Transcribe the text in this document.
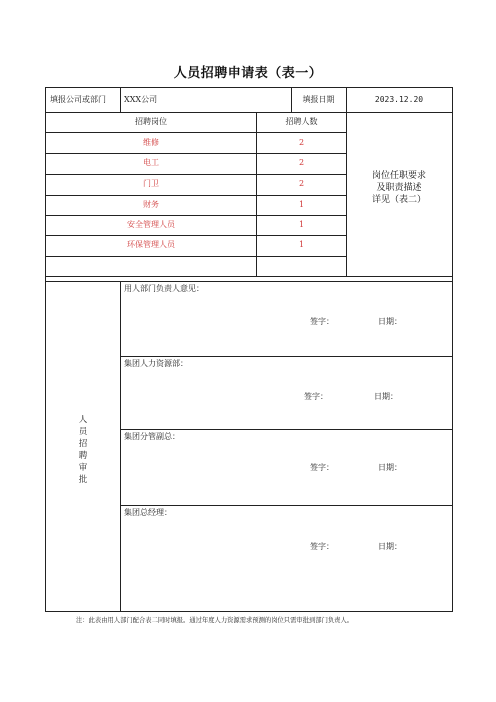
人员招聘申请表（表一）
填报公司或部门 XXX公司	填报日期	2023.12.20
招聘岗位	招聘人数
维修	2
电工	2
门卫	2
财务	1
安全管理人员	1
环保管理人员	1
岗位任职要求
及职责描述
详见（表二）
人
员
招
聘
审
批
用人部门负责人意见：
签字：	日期：
集团人力资源部：
签字：	日期：
集团分管副总：
签字：	日期：
集团总经理：
签字：	日期：
注：此表由用人部门配合表二同时填报。通过年度人力资源需求预测的岗位只需审批到部门负责人。
